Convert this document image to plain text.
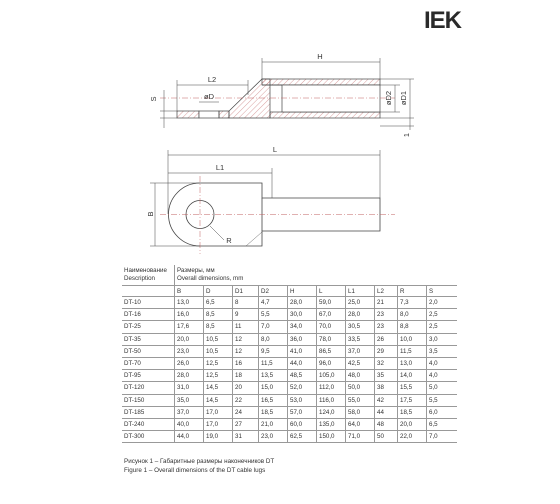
IEK
H
L2
øD
S	øD2 øD1
1
L
L1
B
R
Наименование
Description	Размеры, мм
Overall dimensions, mm									
	B	D	D1	D2	H	L	L1	L2	R	S
DT-10	13,0	6,5	8	4,7	28,0	59,0	25,0	21	7,3	2,0
DT-16	16,0	8,5	9	5,5	30,0	67,0	28,0	23	8,0	2,5
DT-25	17,6	8,5	11	7,0	34,0	70,0	30,5	23	8,8	2,5
DT-35	20,0	10,5	12	8,0	36,0	78,0	33,5	26	10,0	3,0
DT-50	23,0	10,5	12	9,5	41,0	86,5	37,0	29	11,5	3,5
DT-70	26,0	12,5	16	11,5	44,0	96,0	42,5	32	13,0	4,0
DT-95	28,0	12,5	18	13,5	48,5	105,0	48,0	35	14,0	4,0
DT-120	31,0	14,5	20	15,0	52,0	112,0	50,0	38	15,5	5,0
DT-150	35,0	14,5	22	16,5	53,0	116,0	55,0	42	17,5	5,5
DT-185	37,0	17,0	24	18,5	57,0	124,0	58,0	44	18,5	6,0
DT-240	40,0	17,0	27	21,0	60,0	135,0	64,0	48	20,0	6,5
DT-300	44,0	19,0	31	23,0	62,5	150,0	71,0	50	22,0	7,0
Рисунок 1 – Габаритные размеры наконечников DT
Figure 1 – Overall dimensions of the DT cable lugs
